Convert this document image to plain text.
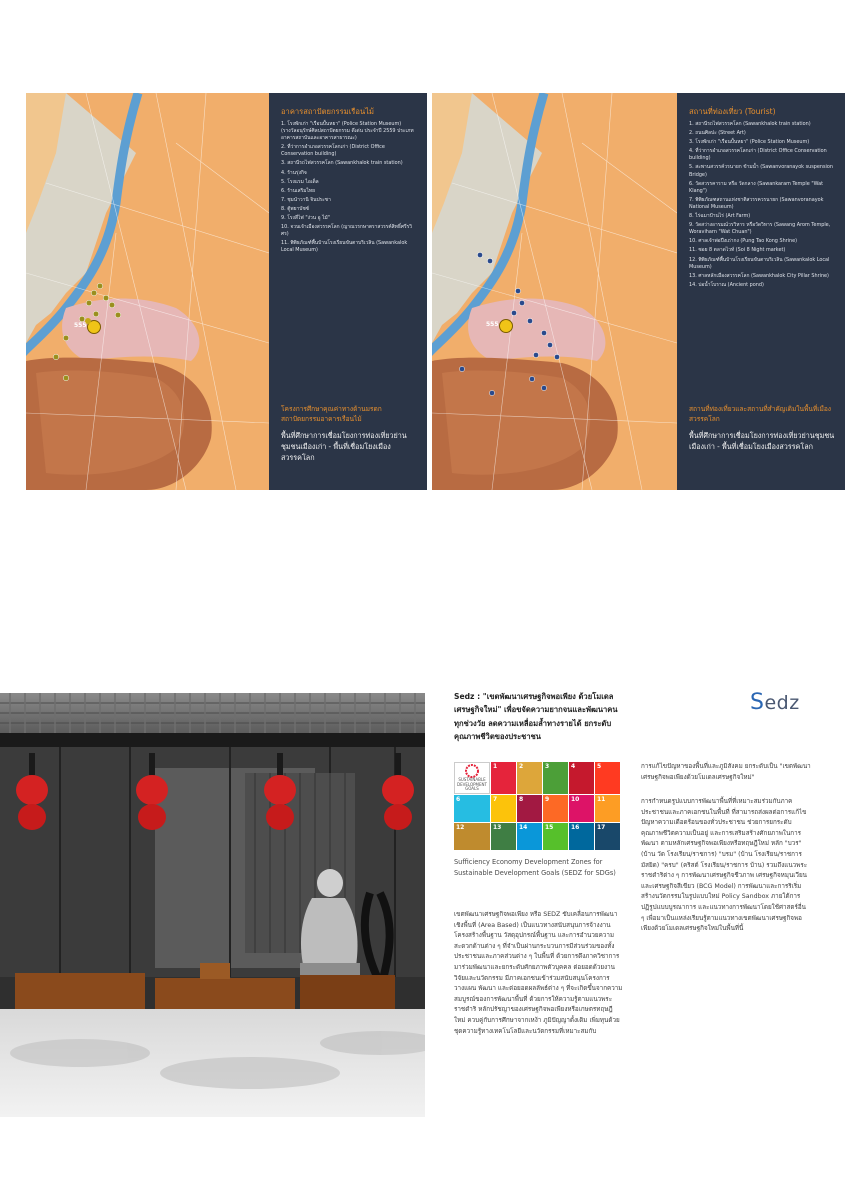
555
อาคารสถาปัตยกรรมเรือนไม้
1. โรงพักเก่า "เรือนปั้นหยา" (Police Station Museum) (รางวัลอนุรักษ์ศิลปสถาปัตยกรรม ดีเด่น ประจำปี 2559 ประเภท อาคารสถาบันและอาคารสาธารณะ)
2. ที่ว่าการอำเภอสวรรคโลกเก่า (District Office Conservation building)
3. สถานีรถไฟสวรรคโลก (Sawankhalok train station)
4. ร้านรุ่งกิจ
5. โรงแรม ไอเด็ล
6. ร้านเสริมไทย
7. ชุมนำวานิ จินประชา
8. ตู้พยาบัชซ์
9. โรงสีไฟ "ง่วน อู ไม้"
10. จวนเจ้าเมืองสวรรคโลก (ญาณวรกษาตราสวรรค์สิทธิ์ศรีรวิศร)
11. พิพิธภัณฑ์พื้นบ้านโรงเรียนขันตาบริเวลิน (Sawankalok Local Museum)
โครงการศึกษาคุณค่าทางด้านมรดกสถาปัตยกรรมอาคารเรือนไม้
พื้นที่ศึกษาการเชื่อมโยงการท่องเที่ยวย่านชุมชนเมืองเก่า - พื้นที่เชื่อมโยงเมืองสวรรคโลก
555
สถานที่ท่องเที่ยว (Tourist)
1. สถานีรถไฟสวรรคโลก (Sawankhalok train station)
2. ถนนศิลปะ (Street Art)
3. โรงพักเก่า "เรือนปั้นหยา" (Police Station Museum)
4. ที่ว่าการอำเภอสวรรคโลกเก่า (District Office Conservation building)
5. สะพานสวรรค์วรนายก ข้ามน้ำ (Sawanvoranayok suspension Bridge)
6. วัดสวรรคาราม หรือ วัดกลาง (Sawankaram Temple "Wat Klang")
7. พิพิธภัณฑสถานแห่งชาติสวรรควรนายก (Sawanvoranayok National Museum)
8. ไร่ฉมาป้านไร่ (Art Farm)
9. วัดสว่างอารมณ์วรวิหาร หรือวัดวิหาร (Sawang Arom Temple, Woraviharn "Wat Chuan")
10. ศาลเจ้าพ่อปึงเถ่ากง (Pung Tao Kong Shrine)
11. ซอย 8 ตลาดไวท์ (Soi 8 Night market)
12. พิพิธภัณฑ์พื้นบ้านโรงเรียนขันตาบริเวลิน (Sawankalok Local Museum)
13. ศาลหลักเมืองสวรรคโลก (Sawankhalok City Pillar Shrine)
14. บ่อน้ำโบราณ (Ancient pond)
สถานที่ท่องเที่ยวและสถานที่สำคัญเดิมในพื้นที่เมืองสวรรคโลก
พื้นที่ศึกษาการเชื่อมโยงการท่องเที่ยวย่านชุมชนเมืองเก่า - พื้นที่เชื่อมโยงเมืองสวรรคโลก
Sedz : "เขตพัฒนาเศรษฐกิจพอเพียง ด้วยโมเดลเศรษฐกิจใหม่" เพื่อขจัดความยากจนและพัฒนาคนทุกช่วงวัย ลดความเหลื่อมล้ำทางรายได้ ยกระดับคุณภาพชีวิตของประชาชน
Sedz
SUSTAINABLE DEVELOPMENT GOALS
1	2	3	4	5
6	7	8	9	10	11
12	13	14	15	16	17
Sufficiency Economy Development Zones for Sustainable Development Goals (SEDZ for SDGs)
เขตพัฒนาเศรษฐกิจพอเพียง หรือ SEDZ ขับเคลื่อนการพัฒนาเชิงพื้นที่ (Area Based) เป็นแนวทางสนับสนุนการจ้างงาน โครงสร้างพื้นฐาน วัสดุอุปกรณ์พื้นฐาน และการอำนวยความสะดวกด้านต่าง ๆ ที่จำเป็นผ่านกระบวนการมีส่วนร่วมของทั้งประชาชนและภาคส่วนต่าง ๆ ในพื้นที่ ด้วยการดึงภาควิชาการมาร่วมพัฒนาและยกระดับศักยภาพตัวบุคคล ต่อยอดด้วยงานวิจัยและนวัตกรรม มีภาคเอกชนเข้าร่วมสนับสนุนโครงการ วางแผน พัฒนา และต่อยอดผลลัพธ์ต่าง ๆ ที่จะเกิดขึ้นจากความสมบูรณ์ของการพัฒนาพื้นที่ ด้วยการให้ความรู้ตามแนวพระราชดำริ หลักปรัชญาของเศรษฐกิจพอเพียงหรือเกษตรทฤษฎีใหม่ ควบคู่กับการศึกษาจากเหง้า ภูมิปัญญาดั้งเดิม เพิ่มทุนด้วยชุดความรู้ทางเทคโนโลยีและนวัตกรรมที่เหมาะสมกับ
การแก้ไขปัญหาของพื้นที่และภูมิสังคม ยกระดับเป็น "เขตพัฒนาเศรษฐกิจพอเพียงด้วยโมเดลเศรษฐกิจใหม่"
การกำหนดรูปแบบการพัฒนาพื้นที่ที่เหมาะสมร่วมกับภาคประชาชนและภาคเอกชนในพื้นที่ ที่สามารถส่งผลต่อการแก้ไขปัญหาความเดือดร้อนของทั่วประชาชน ช่วยการยกระดับคุณภาพชีวิตความเป็นอยู่ และการเสริมสร้างศักยภาพในการพัฒนา ตามหลักเศรษฐกิจพอเพียงหรือทฤษฎีใหม่ หลัก "บวร" (บ้าน วัด โรงเรียน/ราชการ) "บรม" (บ้าน โรงเรียน/ราชการ มัสยิด) "ครบ" (คริสต์ โรงเรียน/ราชการ บ้าน) รวมถึงแนวพระราชดำริต่าง ๆ การพัฒนาเศรษฐกิจชีวภาพ เศรษฐกิจหมุนเวียน และเศรษฐกิจสีเขียว (BCG Model) การพัฒนาและการริเริ่มสร้างนวัตกรรมในรูปแบบใหม่ Policy Sandbox ภายใต้การปฏิรูปแบบบูรณาการ และแนวทางการพัฒนาโดยใช้ศาสตร์อื่น ๆ เพื่อมาเป็นแหล่งเรียนรู้ตามแนวทางเขตพัฒนาเศรษฐกิจพอเพียงด้วยโมเดลเศรษฐกิจใหม่ในพื้นที่นี้
